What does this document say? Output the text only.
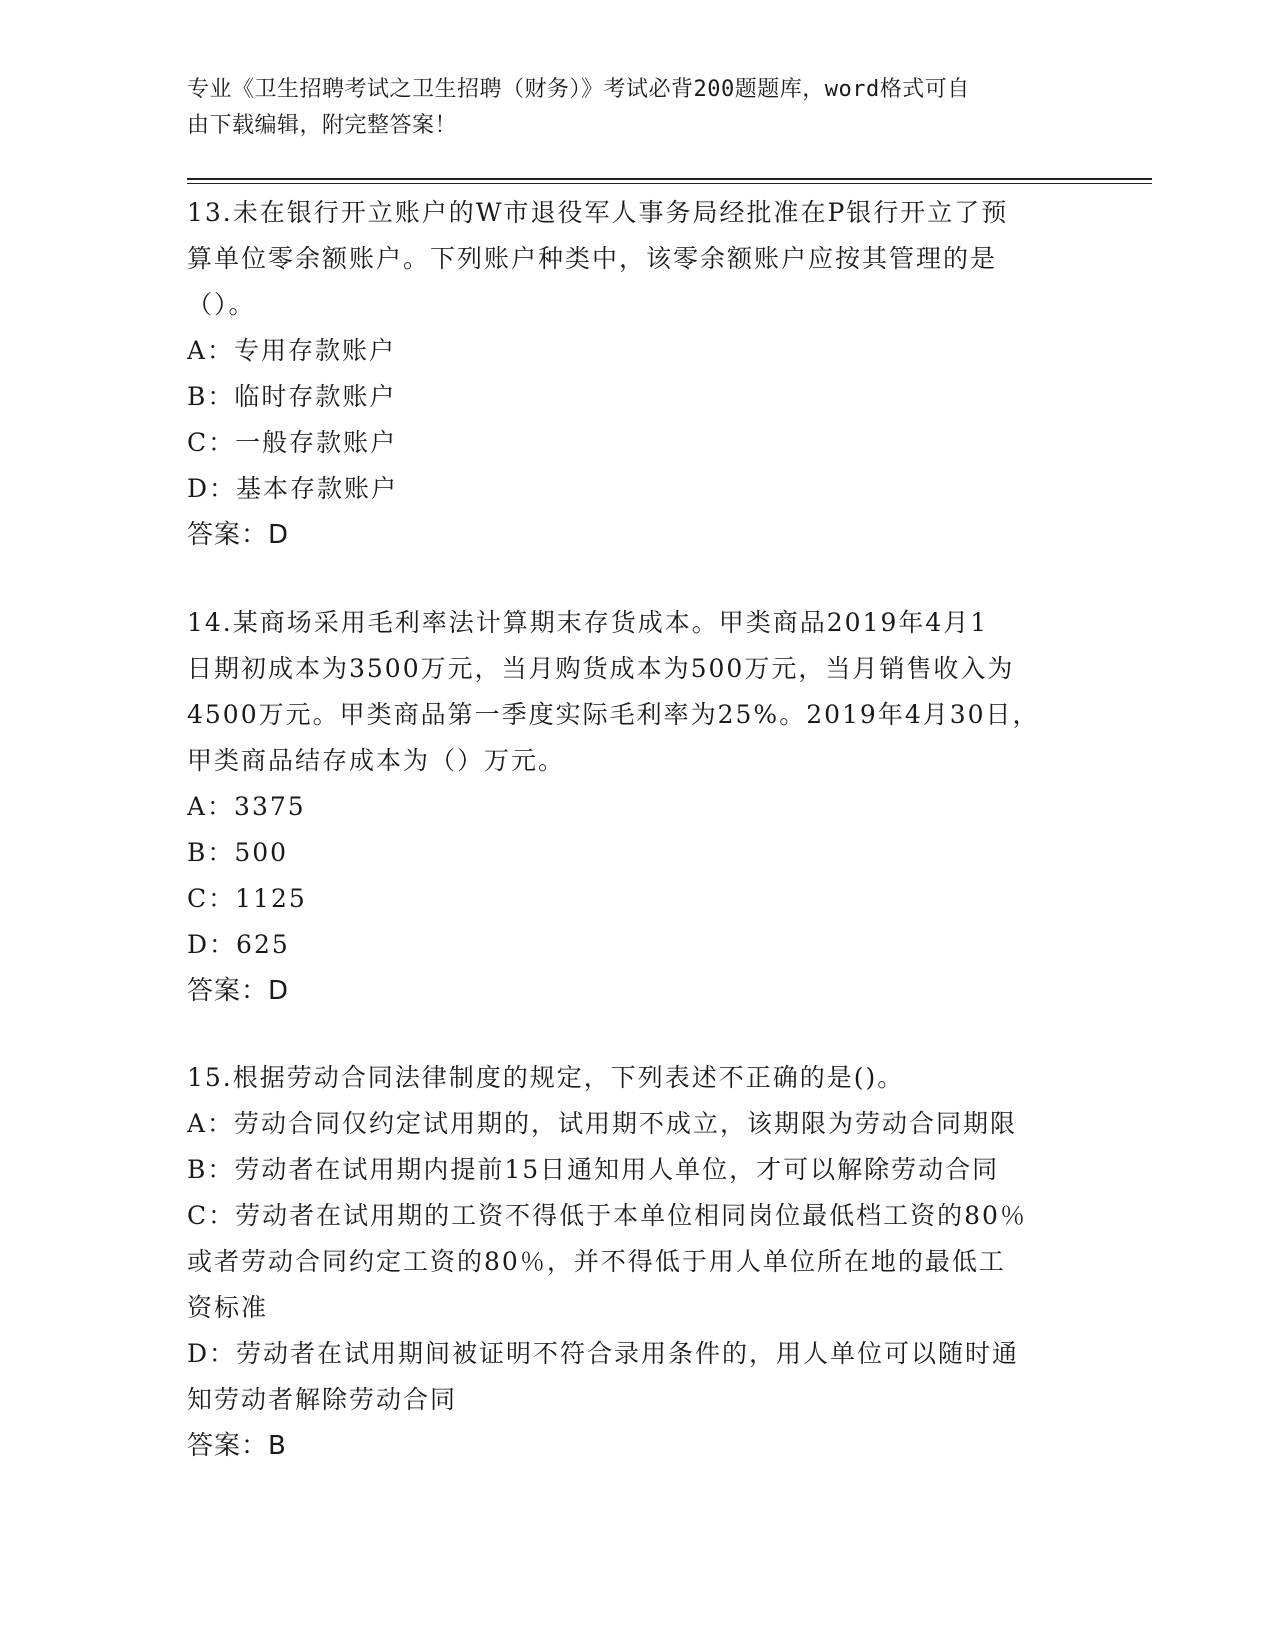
专业《卫生招聘考试之卫生招聘（财务）》考试必背200题题库，word格式可自
由下载编辑，附完整答案！
13.未在银行开立账户的W市退役军人事务局经批准在P银行开立了预
算单位零余额账户。下列账户种类中，该零余额账户应按其管理的是
（）。
A：专用存款账户
B：临时存款账户
C：一般存款账户
D：基本存款账户
答案：D
14.某商场采用毛利率法计算期末存货成本。甲类商品2019年4月1
日期初成本为3500万元，当月购货成本为500万元，当月销售收入为
4500万元。甲类商品第一季度实际毛利率为25%。2019年4月30日，
甲类商品结存成本为（）万元。
A：3375
B：500
C：1125
D：625
答案：D
15.根据劳动合同法律制度的规定，下列表述不正确的是()。
A：劳动合同仅约定试用期的，试用期不成立，该期限为劳动合同期限
B：劳动者在试用期内提前15日通知用人单位，才可以解除劳动合同
C：劳动者在试用期的工资不得低于本单位相同岗位最低档工资的80％
或者劳动合同约定工资的80％，并不得低于用人单位所在地的最低工
资标准
D：劳动者在试用期间被证明不符合录用条件的，用人单位可以随时通
知劳动者解除劳动合同
答案：B
